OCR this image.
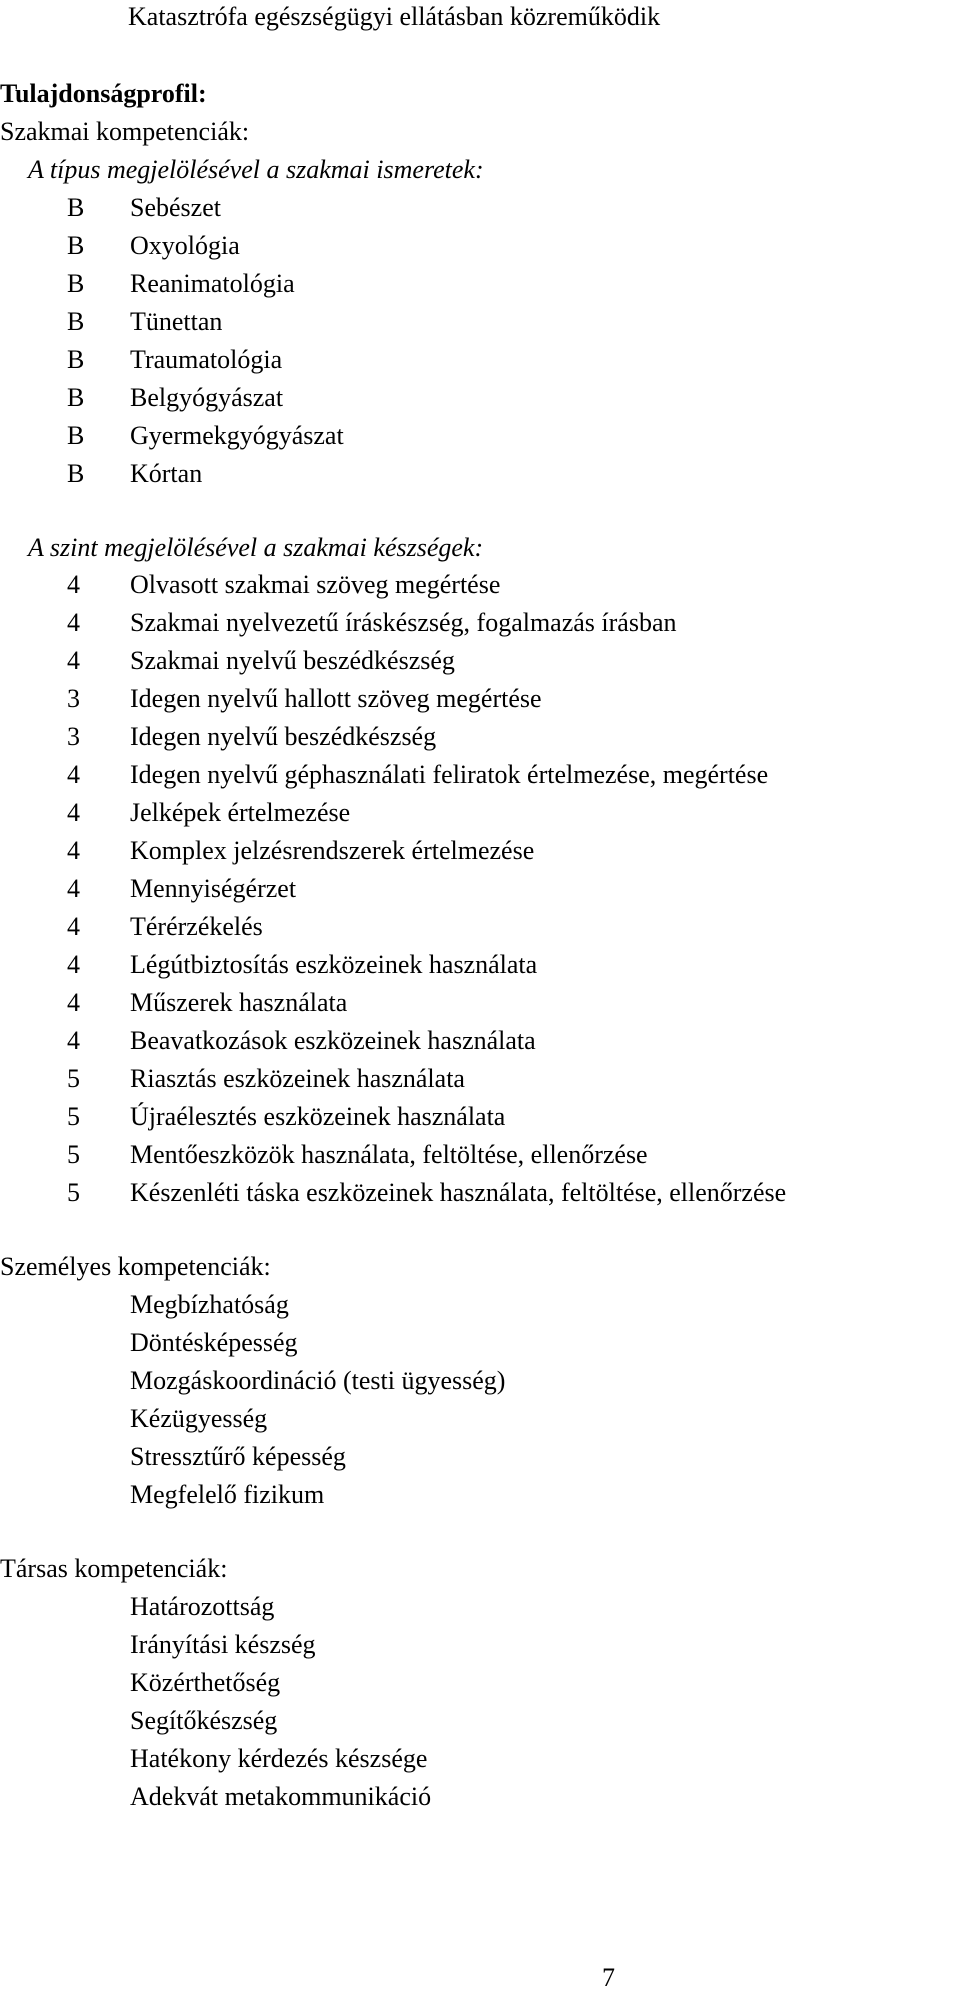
Katasztrófa egészségügyi ellátásban közreműködik
Tulajdonságprofil:
Szakmai kompetenciák:
A típus megjelölésével a szakmai ismeretek:
B	Sebészet
B	Oxyológia
B	Reanimatológia
B	Tünettan
B	Traumatológia
B	Belgyógyászat
B	Gyermekgyógyászat
B	Kórtan
A szint megjelölésével a szakmai készségek:
4	Olvasott szakmai szöveg megértése
4	Szakmai nyelvezetű íráskészség, fogalmazás írásban
4	Szakmai nyelvű beszédkészség
3	Idegen nyelvű hallott szöveg megértése
3	Idegen nyelvű beszédkészség
4	Idegen nyelvű géphasználati feliratok értelmezése, megértése
4	Jelképek értelmezése
4	Komplex jelzésrendszerek értelmezése
4	Mennyiségérzet
4	Térérzékelés
4	Légútbiztosítás eszközeinek használata
4	Műszerek használata
4	Beavatkozások eszközeinek használata
5	Riasztás eszközeinek használata
5	Újraélesztés eszközeinek használata
5	Mentőeszközök használata, feltöltése, ellenőrzése
5	Készenléti táska eszközeinek használata, feltöltése, ellenőrzése
Személyes kompetenciák:
Megbízhatóság
Döntésképesség
Mozgáskoordináció (testi ügyesség)
Kézügyesség
Stressztűrő képesség
Megfelelő fizikum
Társas kompetenciák:
Határozottság
Irányítási készség
Közérthetőség
Segítőkészség
Hatékony kérdezés készsége
Adekvát metakommunikáció
7
